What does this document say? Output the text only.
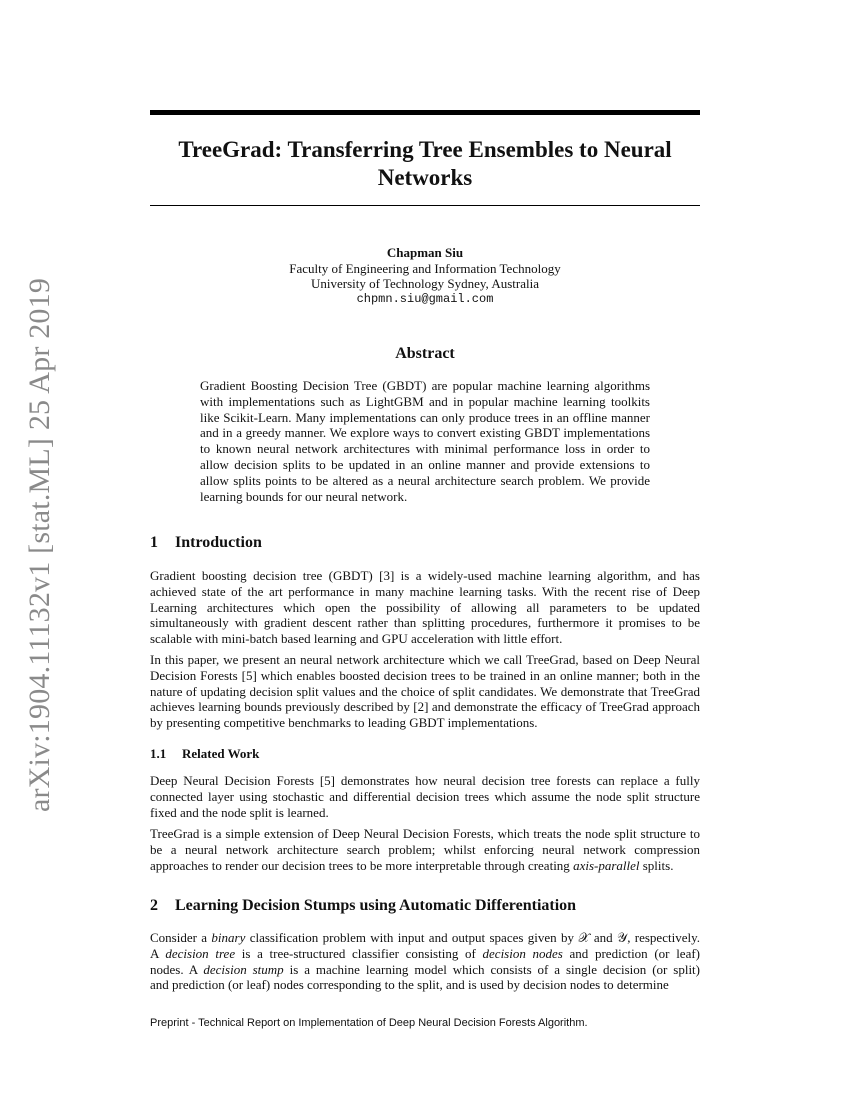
arXiv:1904.11132v1 [stat.ML] 25 Apr 2019
TreeGrad: Transferring Tree Ensembles to Neural Networks
Chapman Siu
Faculty of Engineering and Information Technology
University of Technology Sydney, Australia
chpmn.siu@gmail.com
Abstract
Gradient Boosting Decision Tree (GBDT) are popular machine learning algorithms with implementations such as LightGBM and in popular machine learning toolkits like Scikit-Learn. Many implementations can only produce trees in an offline manner and in a greedy manner. We explore ways to convert existing GBDT implementations to known neural network architectures with minimal performance loss in order to allow decision splits to be updated in an online manner and provide extensions to allow splits points to be altered as a neural architecture search problem. We provide learning bounds for our neural network.
1 Introduction
Gradient boosting decision tree (GBDT) [3] is a widely-used machine learning algorithm, and has achieved state of the art performance in many machine learning tasks. With the recent rise of Deep Learning architectures which open the possibility of allowing all parameters to be updated simultaneously with gradient descent rather than splitting procedures, furthermore it promises to be scalable with mini-batch based learning and GPU acceleration with little effort.
In this paper, we present an neural network architecture which we call TreeGrad, based on Deep Neural Decision Forests [5] which enables boosted decision trees to be trained in an online manner; both in the nature of updating decision split values and the choice of split candidates. We demonstrate that TreeGrad achieves learning bounds previously described by [2] and demonstrate the efficacy of TreeGrad approach by presenting competitive benchmarks to leading GBDT implementations.
1.1 Related Work
Deep Neural Decision Forests [5] demonstrates how neural decision tree forests can replace a fully connected layer using stochastic and differential decision trees which assume the node split structure fixed and the node split is learned.
TreeGrad is a simple extension of Deep Neural Decision Forests, which treats the node split structure to be a neural network architecture search problem; whilst enforcing neural network compression approaches to render our decision trees to be more interpretable through creating axis-parallel splits.
2 Learning Decision Stumps using Automatic Differentiation
Consider a binary classification problem with input and output spaces given by 𝒳 and 𝒴, respectively.
A decision tree is a tree-structured classifier consisting of decision nodes and prediction (or leaf)
nodes. A decision stump is a machine learning model which consists of a single decision (or split)
and prediction (or leaf) nodes corresponding to the split, and is used by decision nodes to determine
Preprint - Technical Report on Implementation of Deep Neural Decision Forests Algorithm.
